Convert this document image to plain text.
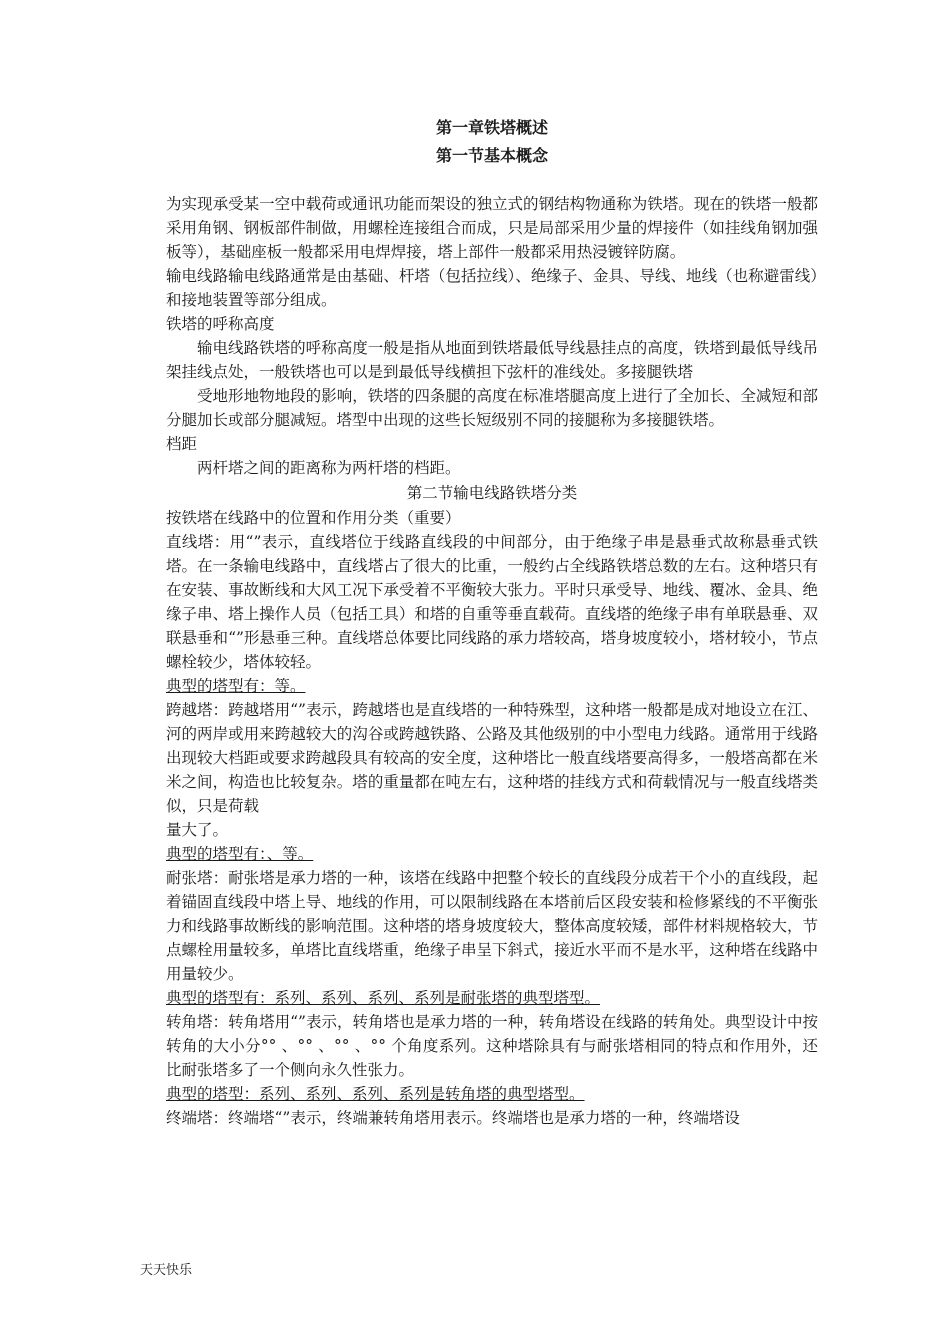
第一章铁塔概述
第一节基本概念

为实现承受某一空中载荷或通讯功能而架设的独立式的钢结构物通称为铁塔。现在的铁塔一般都采用角钢、钢板部件制做，用螺栓连接组合而成，只是局部采用少量的焊接件（如挂线角钢加强板等），基础座板一般都采用电焊焊接，塔上部件一般都采用热浸镀锌防腐。

输电线路输电线路通常是由基础、杆塔（包括拉线）、绝缘子、金具、导线、地线（也称避雷线）和接地装置等部分组成。

铁塔的呼称高度

输电线路铁塔的呼称高度一般是指从地面到铁塔最低导线悬挂点的高度，铁塔到最低导线吊架挂线点处，一般铁塔也可以是到最低导线横担下弦杆的准线处。多接腿铁塔

受地形地物地段的影响，铁塔的四条腿的高度在标准塔腿高度上进行了全加长、全减短和部分腿加长或部分腿减短。塔型中出现的这些长短级别不同的接腿称为多接腿铁塔。

档距

两杆塔之间的距离称为两杆塔的档距。

第二节输电线路铁塔分类

按铁塔在线路中的位置和作用分类（重要）

直线塔：用“”表示，直线塔位于线路直线段的中间部分，由于绝缘子串是悬垂式故称悬垂式铁塔。在一条输电线路中，直线塔占了很大的比重，一般约占全线路铁塔总数的左右。这种塔只有在安装、事故断线和大风工况下承受着不平衡较大张力。平时只承受导、地线、覆冰、金具、绝缘子串、塔上操作人员（包括工具）和塔的自重等垂直载荷。直线塔的绝缘子串有单联悬垂、双联悬垂和“”形悬垂三种。直线塔总体要比同线路的承力塔较高，塔身坡度较小，塔材较小，节点螺栓较少，塔体较轻。

典型的塔型有：等。

跨越塔：跨越塔用“”表示，跨越塔也是直线塔的一种特殊型，这种塔一般都是成对地设立在江、河的两岸或用来跨越较大的沟谷或跨越铁路、公路及其他级别的中小型电力线路。通常用于线路出现较大档距或要求跨越段具有较高的安全度，这种塔比一般直线塔要高得多，一般塔高都在米米之间，构造也比较复杂。塔的重量都在吨左右，这种塔的挂线方式和荷载情况与一般直线塔类似，只是荷载

量大了。

典型的塔型有：、等。

耐张塔：耐张塔是承力塔的一种，该塔在线路中把整个较长的直线段分成若干个小的直线段，起着锚固直线段中塔上导、地线的作用，可以限制线路在本塔前后区段安装和检修紧线的不平衡张力和线路事故断线的影响范围。这种塔的塔身坡度较大，整体高度较矮，部件材料规格较大，节点螺栓用量较多，单塔比直线塔重，绝缘子串呈下斜式，接近水平而不是水平，这种塔在线路中用量较少。

典型的塔型有：系列、系列、系列、系列是耐张塔的典型塔型。

转角塔：转角塔用“”表示，转角塔也是承力塔的一种，转角塔设在线路的转角处。典型设计中按转角的大小分°° 、°° 、°° 、°° 个角度系列。这种塔除具有与耐张塔相同的特点和作用外，还比耐张塔多了一个侧向永久性张力。

典型的塔型：系列、系列、系列、系列是转角塔的典型塔型。

终端塔：终端塔“”表示，终端兼转角塔用表示。终端塔也是承力塔的一种，终端塔设

天天快乐
